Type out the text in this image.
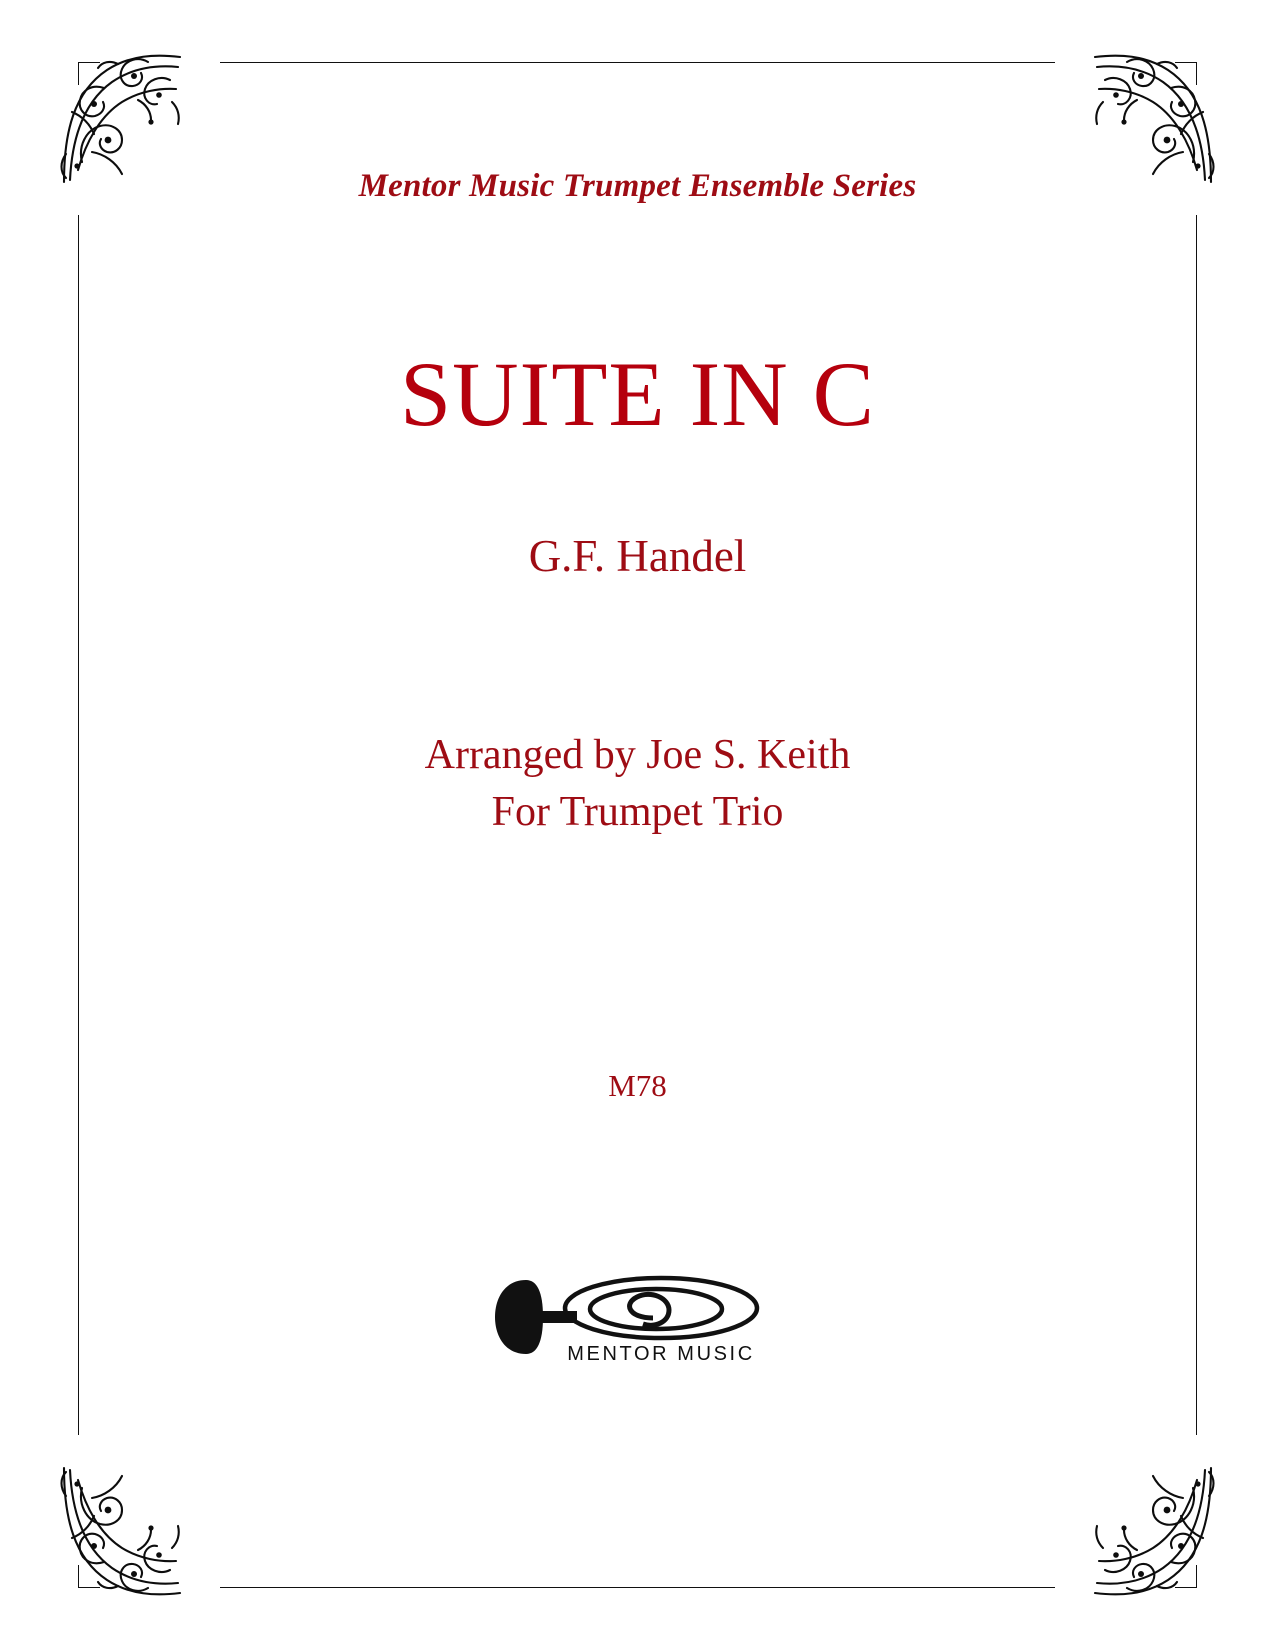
Mentor Music Trumpet Ensemble Series
SUITE IN C
G.F. Handel
Arranged by Joe S. Keith
For Trumpet Trio
M78
MENTOR MUSIC
